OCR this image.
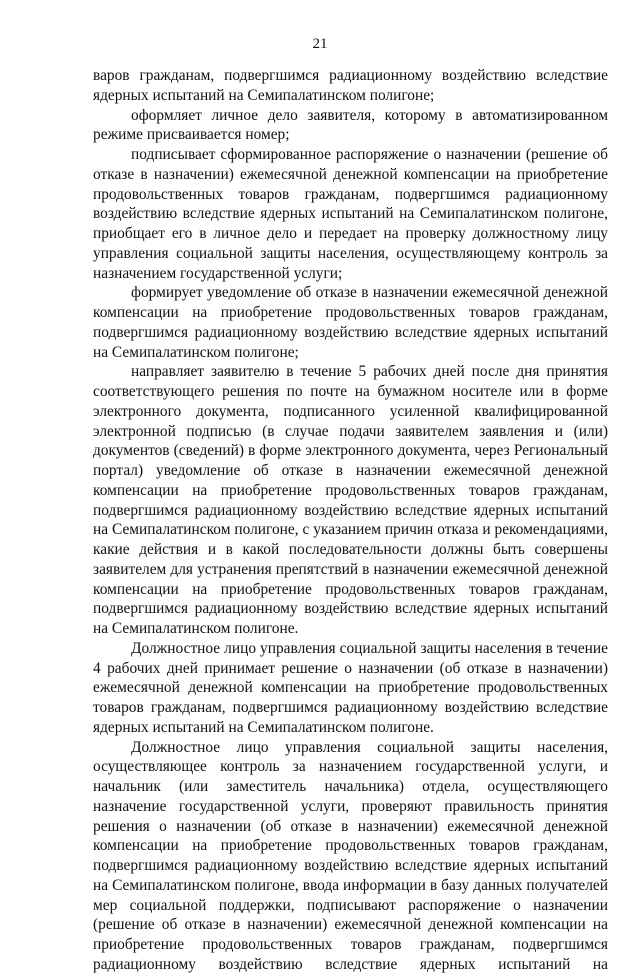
21

варов гражданам, подвергшимся радиационному воздействию вследствие ядерных испытаний на Семипалатинском полигоне;

оформляет личное дело заявителя, которому в автоматизированном режиме присваивается номер;

подписывает сформированное распоряжение о назначении (решение об отказе в назначении) ежемесячной денежной компенсации на приобретение продовольственных товаров гражданам, подвергшимся радиационному воздействию вследствие ядерных испытаний на Семипалатинском полигоне, приобщает его в личное дело и передает на проверку должностному лицу управления социальной защиты населения, осуществляющему контроль за назначением государственной услуги;

формирует уведомление об отказе в назначении ежемесячной денежной компенсации на приобретение продовольственных товаров гражданам, подвергшимся радиационному воздействию вследствие ядерных испытаний на Семипалатинском полигоне;

направляет заявителю в течение 5 рабочих дней после дня принятия соответствующего решения по почте на бумажном носителе или в форме электронного документа, подписанного усиленной квалифицированной электронной подписью (в случае подачи заявителем заявления и (или) документов (сведений) в форме электронного документа, через Региональный портал) уведомление об отказе в назначении ежемесячной денежной компенсации на приобретение продовольственных товаров гражданам, подвергшимся радиационному воздействию вследствие ядерных испытаний на Семипалатинском полигоне, с указанием причин отказа и рекомендациями, какие действия и в какой последовательности должны быть совершены заявителем для устранения препятствий в назначении ежемесячной денежной компенсации на приобретение продовольственных товаров гражданам, подвергшимся радиационному воздействию вследствие ядерных испытаний на Семипалатинском полигоне.

Должностное лицо управления социальной защиты населения в течение 4 рабочих дней принимает решение о назначении (об отказе в назначении) ежемесячной денежной компенсации на приобретение продовольственных товаров гражданам, подвергшимся радиационному воздействию вследствие ядерных испытаний на Семипалатинском полигоне.

Должностное лицо управления социальной защиты населения, осуществляющее контроль за назначением государственной услуги, и начальник (или заместитель начальника) отдела, осуществляющего назначение государственной услуги, проверяют правильность принятия решения о назначении (об отказе в назначении) ежемесячной денежной компенсации на приобретение продовольственных товаров гражданам, подвергшимся радиационному воздействию вследствие ядерных испытаний на Семипалатинском полигоне, ввода информации в базу данных получателей мер социальной поддержки, подписывают распоряжение о назначении (решение об отказе в назначении) ежемесячной денежной компенсации на приобретение продовольственных товаров гражданам, подвергшимся радиационному воздействию вследствие ядерных испытаний на
